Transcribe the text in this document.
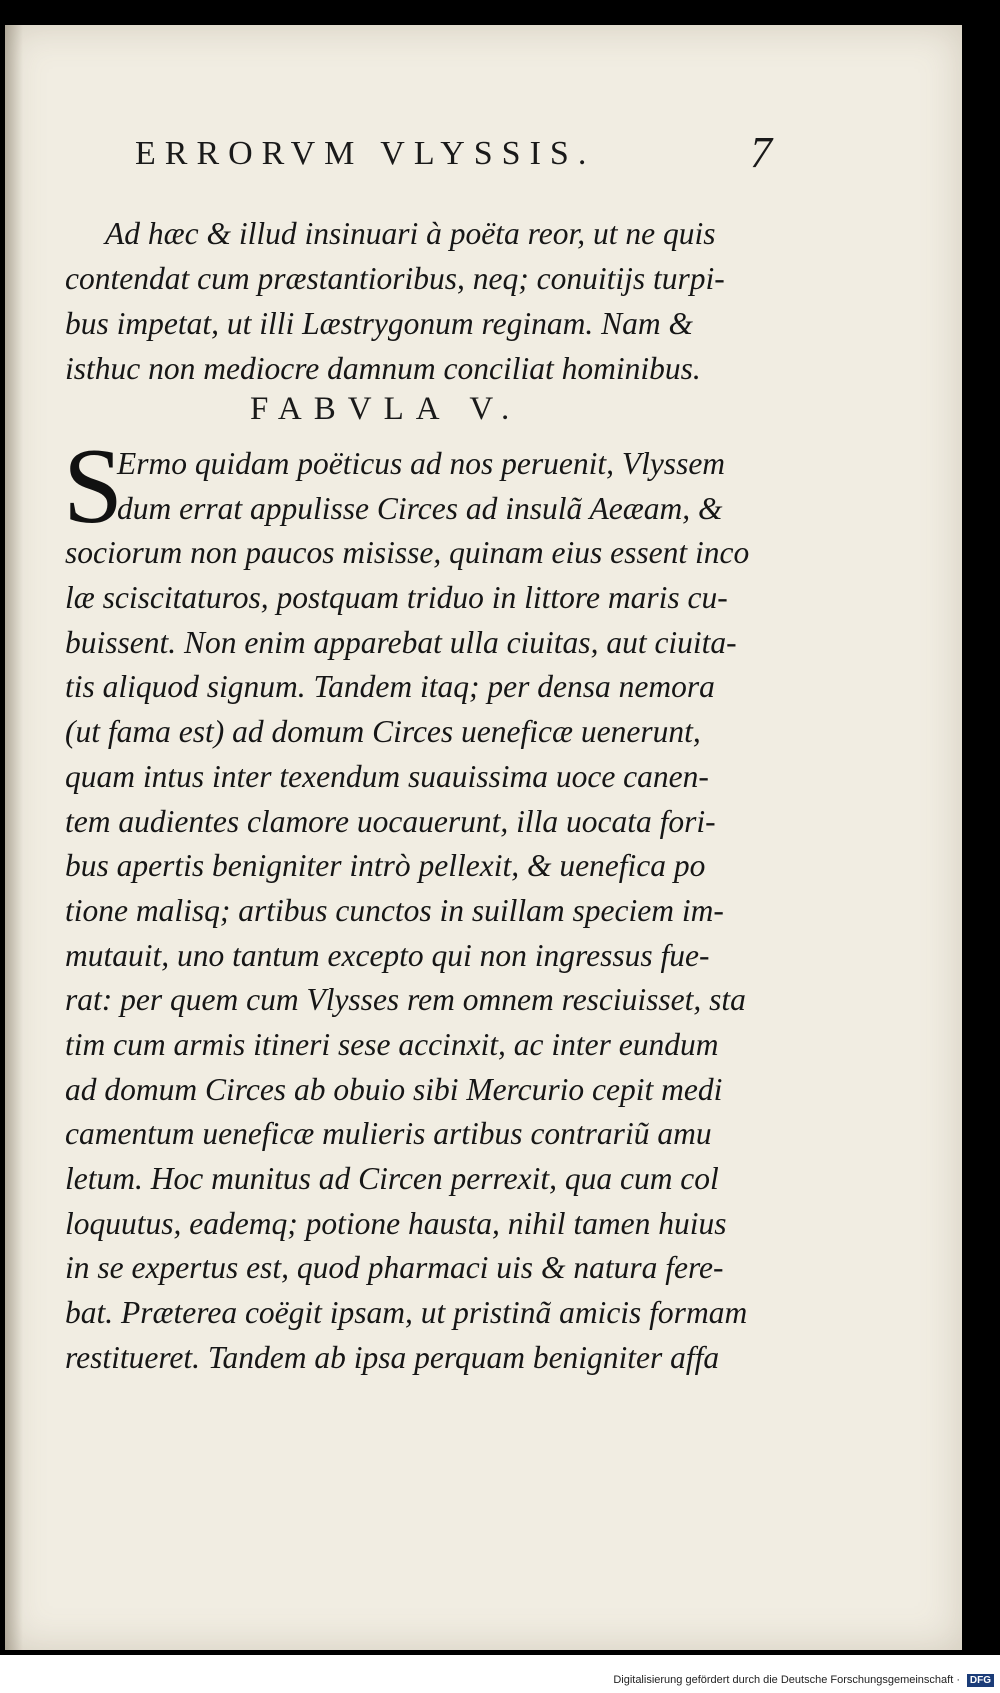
ERRORVM VLYSSIS.	7
Ad hæc & illud insinuari à poëta reor, ut ne quis
contendat cum præstantioribus, neq; conuitijs turpi-
bus impetat, ut illi Læstrygonum reginam. Nam &
isthuc non mediocre damnum conciliat hominibus.
FABVLA V.
S
Ermo quidam poëticus ad nos peruenit, Vlyssem
dum errat appulisse Circes ad insulã Aeæam, &
sociorum non paucos misisse, quinam eius essent inco
læ sciscitaturos, postquam triduo in littore maris cu-
buissent. Non enim apparebat ulla ciuitas, aut ciuita-
tis aliquod signum. Tandem itaq; per densa nemora
(ut fama est) ad domum Circes ueneficæ uenerunt,
quam intus inter texendum suauissima uoce canen-
tem audientes clamore uocauerunt, illa uocata fori-
bus apertis benigniter intrò pellexit, & uenefica po
tione malisq; artibus cunctos in suillam speciem im-
mutauit, uno tantum excepto qui non ingressus fue-
rat: per quem cum Vlysses rem omnem resciuisset, sta
tim cum armis itineri sese accinxit, ac inter eundum
ad domum Circes ab obuio sibi Mercurio cepit medi
camentum ueneficæ mulieris artibus contrariũ amu
letum. Hoc munitus ad Circen perrexit, qua cum col
loquutus, eademq; potione hausta, nihil tamen huius
in se expertus est, quod pharmaci uis & natura fere-
bat. Præterea coëgit ipsam, ut pristinã amicis formam
restitueret. Tandem ab ipsa perquam benigniter affa
Digitalisierung gefördert durch die Deutsche Forschungsgemeinschaft · DFG
